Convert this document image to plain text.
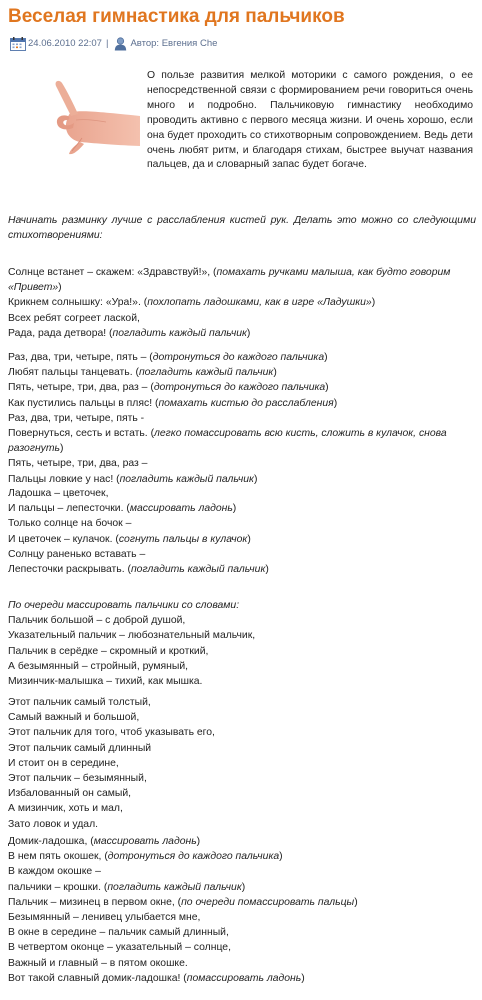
Веселая гимнастика для пальчиков
24.06.2010 22:07 | Автор: Евгения Che

О пользе развития мелкой моторики с самого рождения, о ее непосредственной связи с формированием речи говориться очень много и подробно. Пальчиковую гимнастику необходимо проводить активно с первого месяца жизни. И очень хорошо, если она будет проходить со стихотворным сопровождением. Ведь дети очень любят ритм, и благодаря стихам, быстрее выучат названия пальцев, да и словарный запас будет богаче.

Начинать разминку лучше с расслабления кистей рук. Делать это можно со следующими стихотворениями:

Солнце встанет – скажем: «Здравствуй!», (помахать ручками малыша, как будто говорим «Привет»)

Крикнем солнышку: «Ура!». (похлопать ладошками, как в игре «Ладушки»)

Всех ребят согреет лаской,

Рада, рада детвора! (погладить каждый пальчик)

Раз, два, три, четыре, пять – (дотронуться до каждого пальчика)

Любят пальцы танцевать. (погладить каждый пальчик)

Пять, четыре, три, два, раз – (дотронуться до каждого пальчика)

Как пустились пальцы в пляс! (помахать кистью до расслабления)

Раз, два, три, четыре, пять -

Повернуться, сесть и встать. (легко помассировать всю кисть, сложить в кулачок, снова разогнуть)

Пять, четыре, три, два, раз –

Пальцы ловкие у нас! (погладить каждый пальчик)

Ладошка – цветочек,

И пальцы – лепесточки. (массировать ладонь)

Только солнце на бочок –

И цветочек – кулачок. (согнуть пальцы в кулачок)

Солнцу раненько вставать –

Лепесточки раскрывать. (погладить каждый пальчик)

По очереди массировать пальчики со словами:

Пальчик большой – с доброй душой,

Указательный пальчик – любознательный мальчик,

Пальчик в серёдке – скромный и кроткий,

А безымянный – стройный, румяный,

Мизинчик-малышка – тихий, как мышка.

Этот пальчик самый толстый,

Самый важный и большой,

Этот пальчик для того, чтоб указывать его,

Этот пальчик самый длинный

И стоит он в середине,

Этот пальчик – безымянный,

Избалованный он самый,

А мизинчик, хоть и мал,

Зато ловок и удал.

Домик-ладошка, (массировать ладонь)

В нем пять окошек, (дотронуться до каждого пальчика)

В каждом окошке –

пальчики – крошки. (погладить каждый пальчик)

Пальчик – мизинец в первом окне, (по очереди помассировать пальцы)

Безымянный – ленивец улыбается мне,

В окне в середине – пальчик самый длинный,

В четвертом оконце – указательный – солнце,

Важный и главный – в пятом окошке.

Вот такой славный домик-ладошка! (помассировать ладонь)
